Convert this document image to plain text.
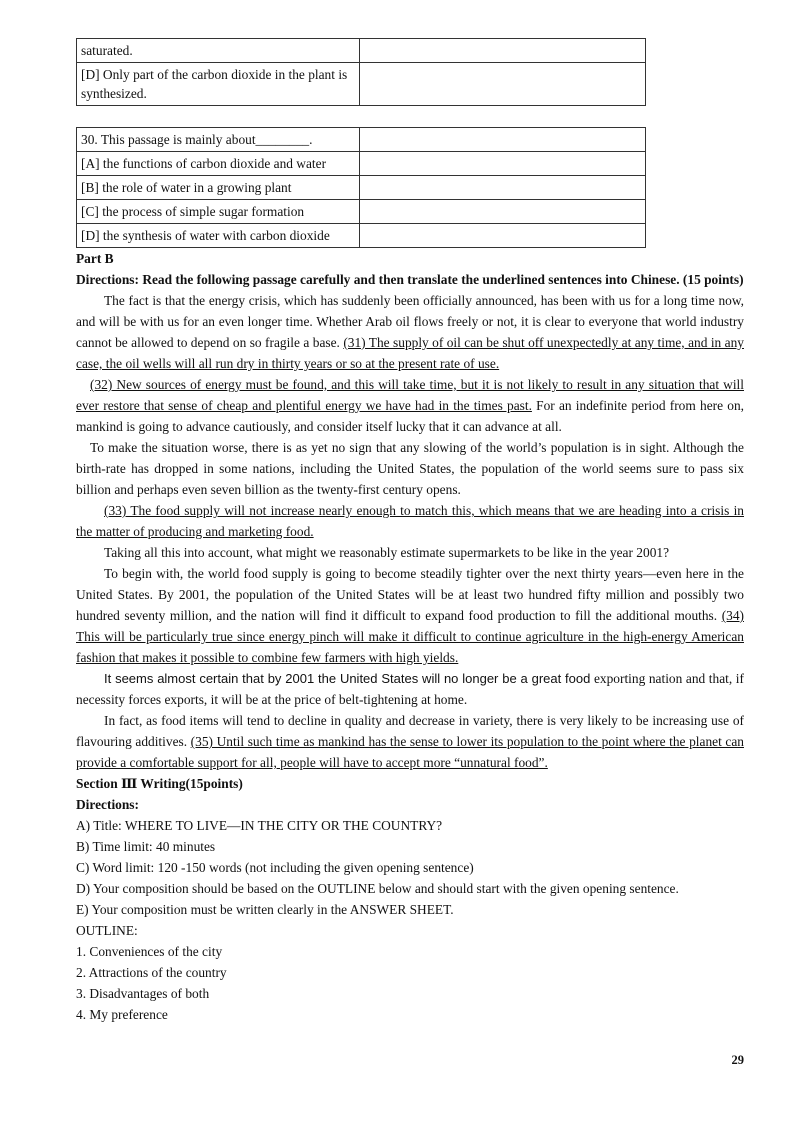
saturated.	
[D] Only part of the carbon dioxide in the plant is synthesized.	
30. This passage is mainly about________.	
[A] the functions of carbon dioxide and water	
[B] the role of water in a growing plant	
[C] the process of simple sugar formation	
[D] the synthesis of water with carbon dioxide	
Part B
Directions: Read the following passage carefully and then translate the underlined sentences into Chinese. (15 points)

The fact is that the energy crisis, which has suddenly been officially announced, has been with us for a long time now, and will be with us for an even longer time. Whether Arab oil flows freely or not, it is clear to everyone that world industry cannot be allowed to depend on so fragile a base. (31) The supply of oil can be shut off unexpectedly at any time, and in any case, the oil wells will all run dry in thirty years or so at the present rate of use.

(32) New sources of energy must be found, and this will take time, but it is not likely to result in any situation that will ever restore that sense of cheap and plentiful energy we have had in the times past. For an indefinite period from here on, mankind is going to advance cautiously, and consider itself lucky that it can advance at all.

To make the situation worse, there is as yet no sign that any slowing of the world’s population is in sight. Although the birth-rate has dropped in some nations, including the United States, the population of the world seems sure to pass six billion and perhaps even seven billion as the twenty-first century opens.

(33) The food supply will not increase nearly enough to match this, which means that we are heading into a crisis in the matter of producing and marketing food.

Taking all this into account, what might we reasonably estimate supermarkets to be like in the year 2001?

To begin with, the world food supply is going to become steadily tighter over the next thirty years—even here in the United States. By 2001, the population of the United States will be at least two hundred fifty million and possibly two hundred seventy million, and the nation will find it difficult to expand food production to fill the additional mouths. (34) This will be particularly true since energy pinch will make it difficult to continue agriculture in the high-energy American fashion that makes it possible to combine few farmers with high yields.

It seems almost certain that by 2001 the United States will no longer be a great food exporting nation and that, if necessity forces exports, it will be at the price of belt-tightening at home.

In fact, as food items will tend to decline in quality and decrease in variety, there is very likely to be increasing use of flavouring additives. (35) Until such time as mankind has the sense to lower its population to the point where the planet can provide a comfortable support for all, people will have to accept more “unnatural food”.

Section Ⅲ Writing(15points)
Directions:
A) Title: WHERE TO LIVE—IN THE CITY OR THE COUNTRY?
B) Time limit: 40 minutes
C) Word limit: 120 -150 words (not including the given opening sentence)
D) Your composition should be based on the OUTLINE below and should start with the given opening sentence.
E) Your composition must be written clearly in the ANSWER SHEET.
OUTLINE:
1. Conveniences of the city
2. Attractions of the country
3. Disadvantages of both
4. My preference
29
